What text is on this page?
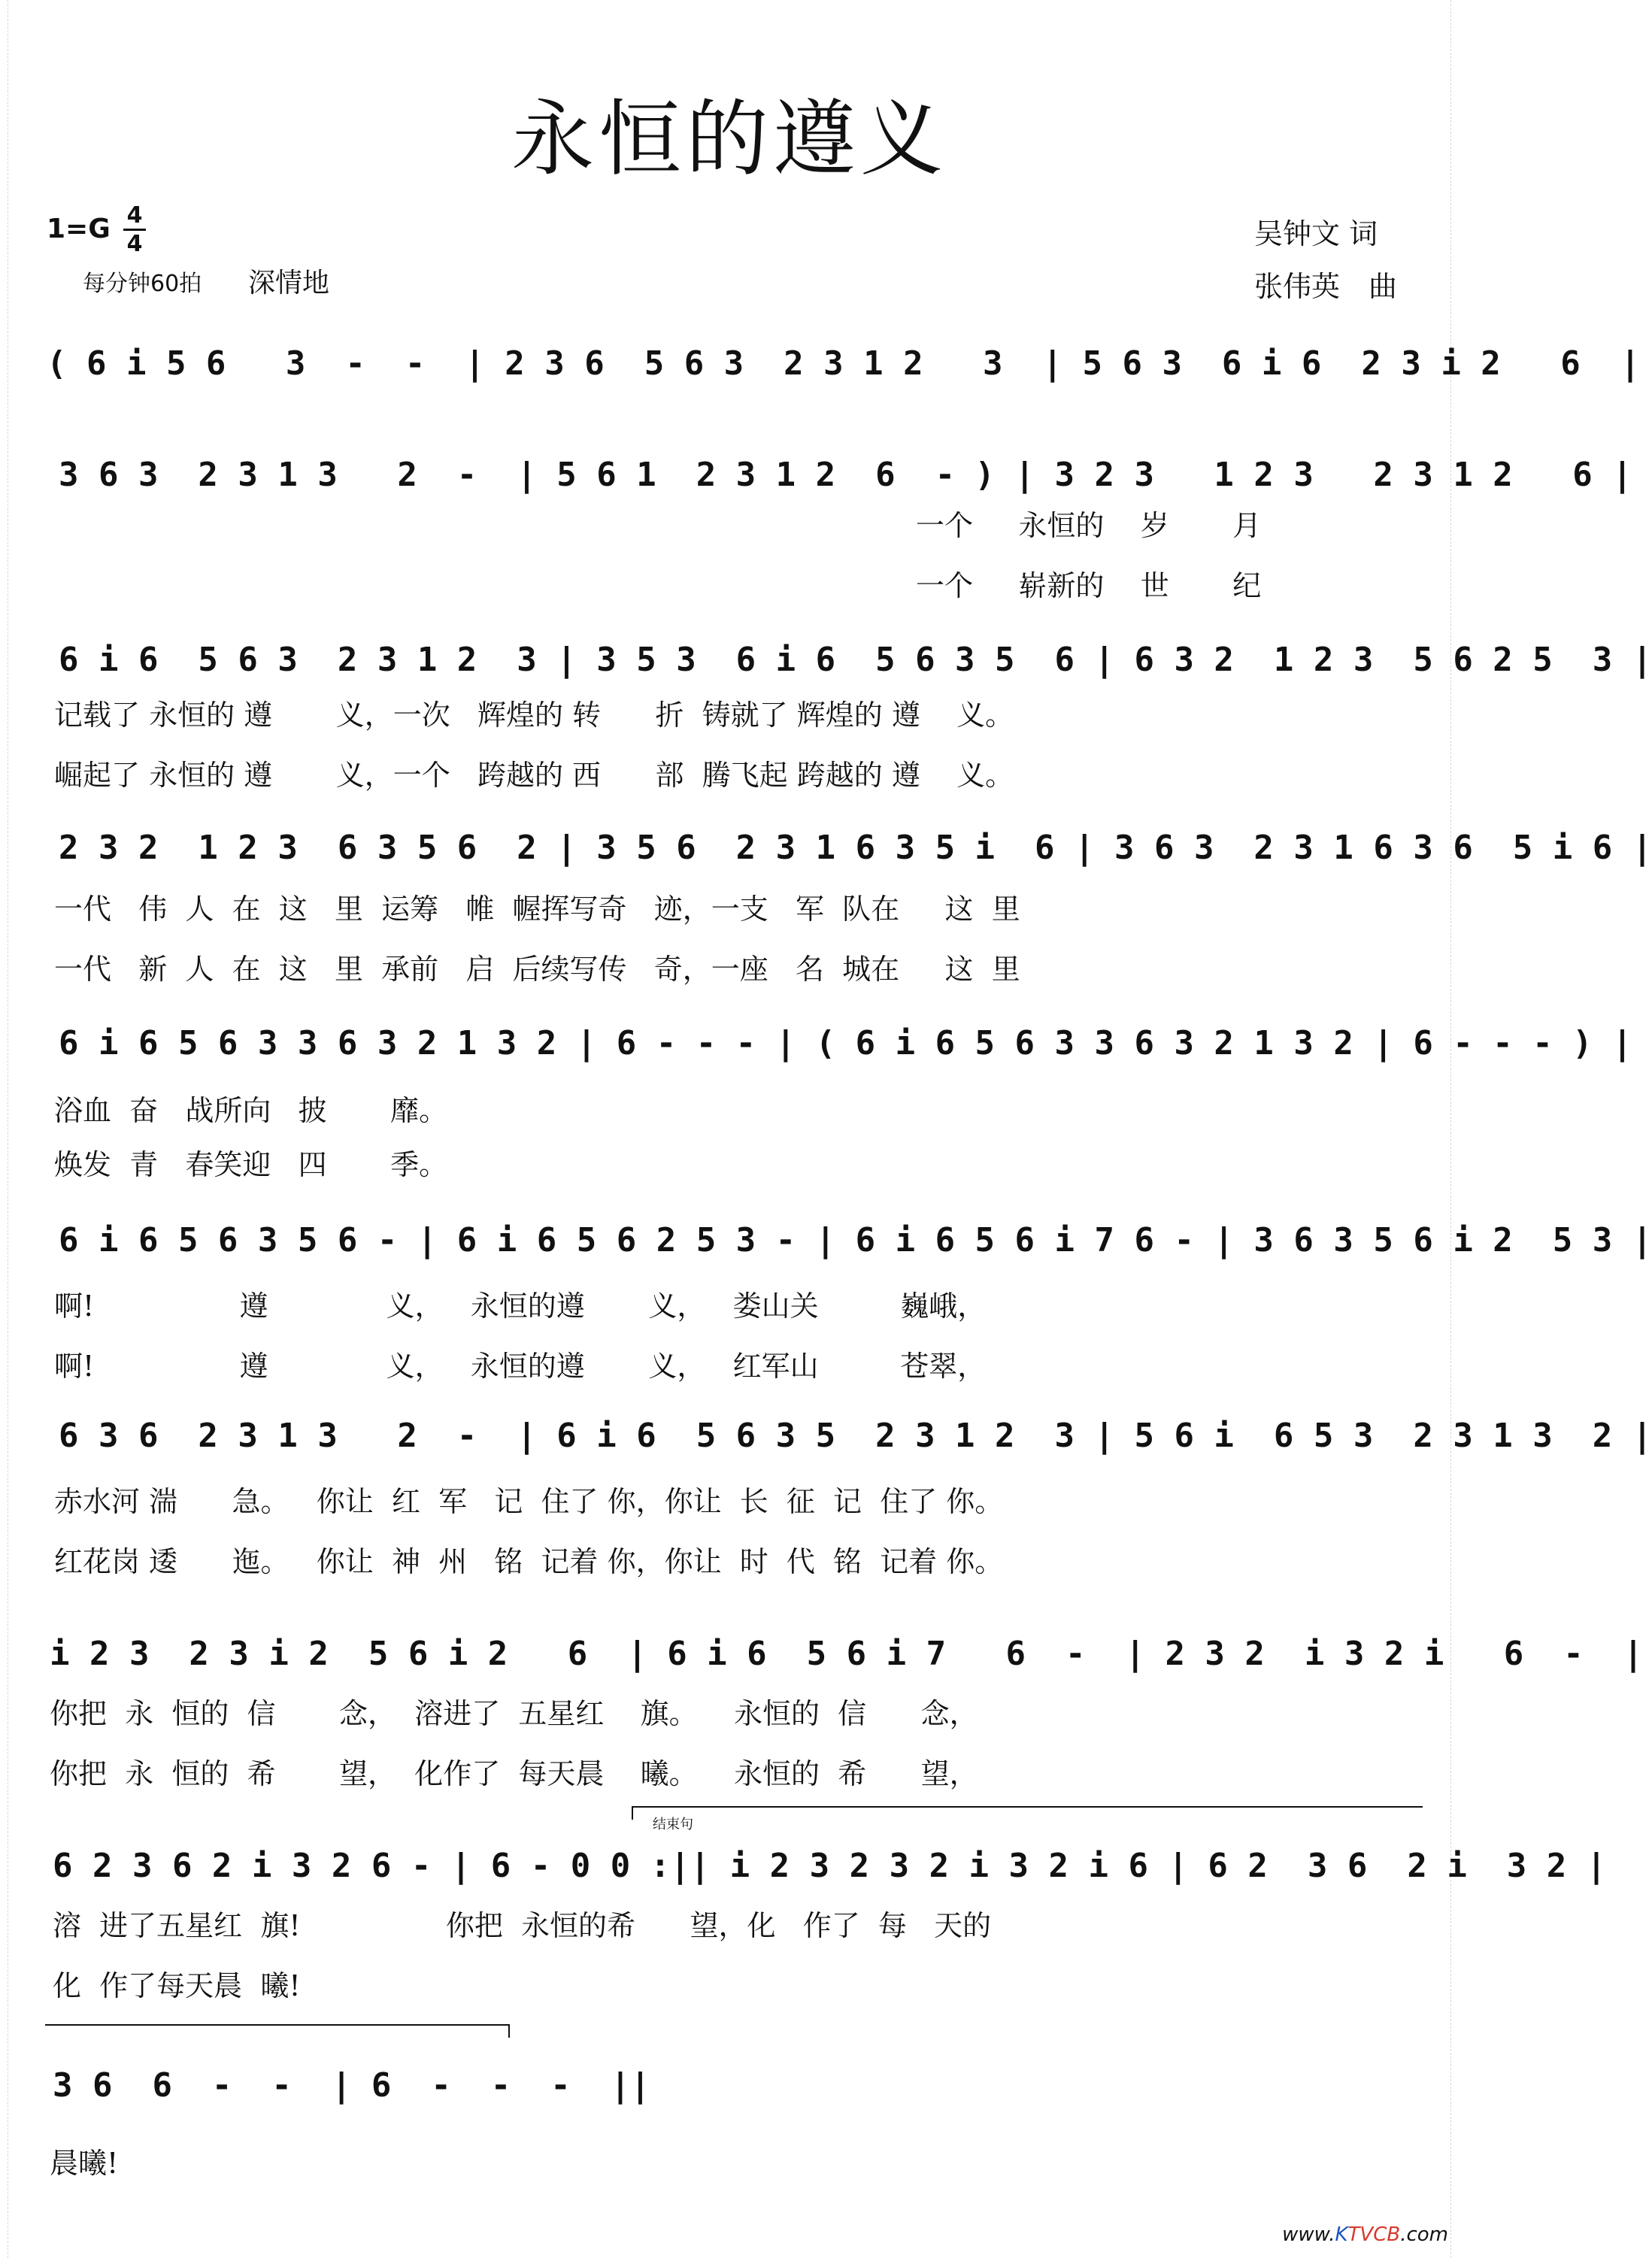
永恒的遵义
1=G 4
4
每分钟60拍 深情地
吴钟文 词
张伟英　曲
( 6 i 5 6   3  -  -  | 2 3 6  5 6 3  2 3 1 2   3  | 5 6 3  6 i 6  2 3 i 2   6  |
3 6 3  2 3 1 3   2  -  | 5 6 1  2 3 1 2  6  - ) | 3 2 3   1 2 3   2 3 1 2   6 |
一个     永恒的    岁       月
一个     崭新的    世       纪
6 i 6  5 6 3  2 3 1 2  3 | 3 5 3  6 i 6  5 6 3 5  6 | 6 3 2  1 2 3  5 6 2 5  3 |
记载了 永恒的 遵       义，一次   辉煌的 转      折  铸就了 辉煌的 遵    义。
崛起了 永恒的 遵       义，一个   跨越的 西      部  腾飞起 跨越的 遵    义。
2 3 2  1 2 3  6 3 5 6  2 | 3 5 6  2 3 1 6 3 5 i  6 | 3 6 3  2 3 1 6 3 6  5 i 6 |
一代   伟  人  在  这   里  运筹   帷  幄挥写奇   迹，一支   军  队在     这  里
一代   新  人  在  这   里  承前   启  后续写传   奇，一座   名  城在     这  里
6 i 6 5 6 3 3 6 3 2 1 3 2 | 6 - - - | ( 6 i 6 5 6 3 3 6 3 2 1 3 2 | 6 - - - ) |
浴血  奋   战所向   披       靡。
焕发  青   春笑迎   四       季。
6 i 6 5 6 3 5 6 - | 6 i 6 5 6 2 5 3 - | 6 i 6 5 6 i 7 6 - | 3 6 3 5 6 i 2  5 3 |
啊!                遵             义，   永恒的遵       义，   娄山关         巍峨，
啊!                遵             义，   永恒的遵       义，   红军山         苍翠，
6 3 6  2 3 1 3   2  -  | 6 i 6  5 6 3 5  2 3 1 2  3 | 5 6 i  6 5 3  2 3 1 3  2 |
赤水河 湍      急。   你让  红  军   记  住了 你，你让  长  征  记  住了 你。
红花岗 逶      迤。   你让  神  州   铭  记着 你，你让  时  代  铭  记着 你。
i 2 3  2 3 i 2  5 6 i 2   6  | 6 i 6  5 6 i 7   6  -  | 2 3 2  i 3 2 i   6  -  |
你把  永  恒的  信       念，  溶进了  五星红    旗。    永恒的  信      念，
你把  永  恒的  希       望，  化作了  每天晨    曦。    永恒的  希      望，
结束句
6 2 3 6 2 i 3 2 6 - | 6 - 0 0 :|| i 2 3 2 3 2 i 3 2 i 6 | 6 2  3 6  2 i  3 2 |
溶  进了五星红  旗!                你把  永恒的希      望，化   作了  每   天的
化  作了每天晨  曦!
3 6  6  -  -  | 6  -  -  -  ||
晨曦!
www.KTVCB.com
